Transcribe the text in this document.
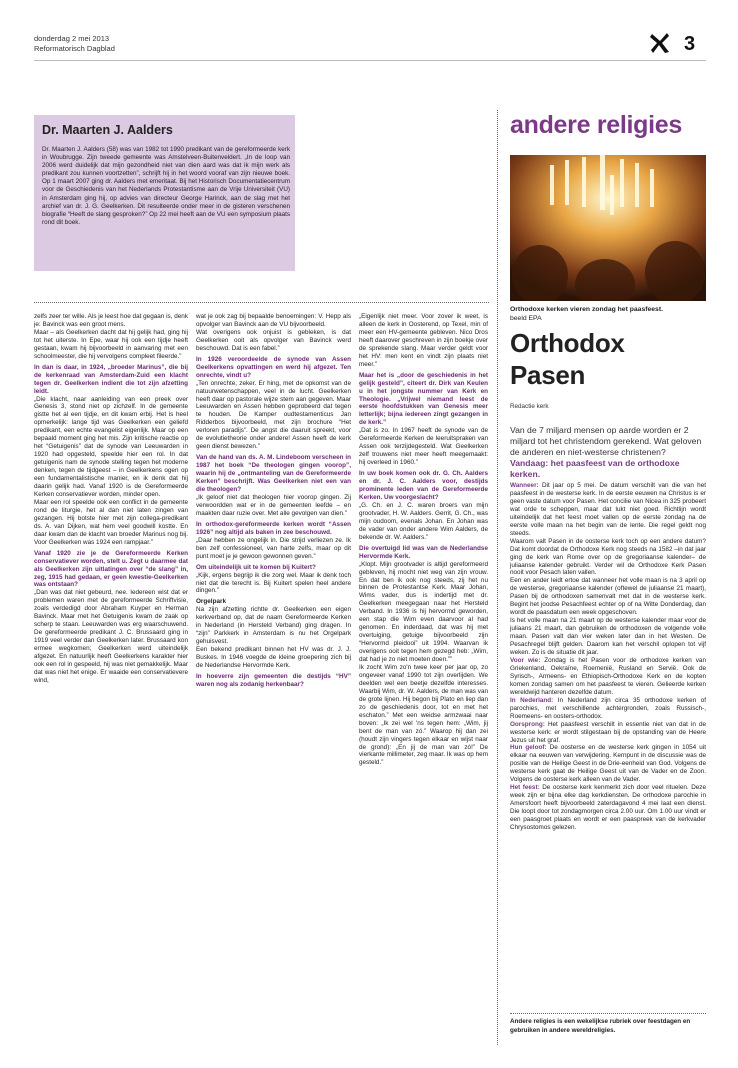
donderdag 2 mei 2013
Reformatorisch Dagblad	3
Dr. Maarten J. Aalders

Dr. Maarten J. Aalders (58) was van 1982 tot 1990 predikant van de gereformeerde kerk in Woubrugge. Zijn tweede gemeente was Amstelveen-Buitenveldert. „In de loop van 2006 werd duidelijk dat mijn gezondheid niet van dien aard was dat ik mijn werk als predikant zou kunnen voortzetten”, schrijft hij in het woord vooraf van zijn nieuwe boek. Op 1 maart 2007 ging dr. Aalders met emeritaat. Bij het Historisch Documentatiecentrum voor de Geschiedenis van het Nederlands Protestantisme aan de Vrije Universiteit (VU) in Amsterdam ging hij, op advies van directeur George Harinck, aan de slag met het archief van dr. J. G. Geelkerken. Dit resulteerde onder meer in de gisteren verschenen biografie “Heeft de slang gesproken?” Op 22 mei heeft aan de VU een symposium plaats rond dit boek.

zelfs zeer ter wille. Als je leest hoe dat gegaan is, denk je: Bavinck was een groot mens.

Maar – als Geelkerken dacht dat hij gelijk had, ging hij tot het uiterste. In Epe, waar hij ook een tijdje heeft gestaan, kwam hij bijvoorbeeld in aanvaring met een schoolmeester, die hij vervolgens compleet fileerde.”

In dan is daar, in 1924, „broeder Marinus”, die bij de kerkenraad van Amsterdam-Zuid een klacht tegen dr. Geelkerken indient die tot zijn afzetting leidt.

„Die klacht, naar aanleiding van een preek over Genesis 3, stond niet op zichzelf. In de gemeente gistte het al een tijdje, en dit kwam erbij. Het is heel opmerkelijk: lange tijd was Geelkerken een geliefd predikant, een echte evangelist eigenlijk. Maar op een bepaald moment ging het mis. Zijn kritische reactie op het “Getuigenis” dat de synode van Leeuwarden in 1920 had opgesteld, speelde hier een rol. In dat getuigenis nam de synode stelling tegen het moderne denken, tegen de tijdgeest – in Geelkerkens ogen op een fundamentalistische manier, en ik denk dat hij daarin gelijk had. Vanaf 1920 is de Gereformeerde Kerken conservatiever worden, minder open.

Maar een rol speelde ook een conflict in de gemeente rond de liturgie, het al dan niet laten zingen van gezangen. Hij botste hier met zijn collega-predikant ds. A. van Dijken, wat hem veel goodwill kostte. En daar kwam dan de klacht van broeder Marinus nog bij. Voor Geelkerken was 1924 een rampjaar.”

Vanaf 1920 zie je de Gereformeerde Kerken conservatiever worden, stelt u. Zegt u daarmee dat als Geelkerken zijn uitlatingen over “de slang” in, zeg, 1915 had gedaan, er geen kwestie-Geelkerken was ontstaan?

„Dan was dat niet gebeurd, nee. Iedereen wist dat er problemen waren met de gereformeerde Schriftvisie, zoals verdedigd door Abraham Kuyper en Herman Bavinck. Maar met het Getuigenis kwam de zaak op scherp te staan. Leeuwarden was erg waarschuwend. De gereformeerde predikant J. C. Brussaard ging in 1919 veel verder dan Geelkerken later. Brussaard kon ermee wegkomen; Geelkerken werd uiteindelijk afgezet. En natuurlijk heeft Geelkerkens karakter hier ook een rol in gespeeld, hij was niet gemakkelijk. Maar dat was niet het enige. Er waaide een conservatievere wind,

wat je ook zag bij bepaalde benoemingen: V. Hepp als opvolger van Bavinck aan de VU bijvoorbeeld.

Wat overigens ook onjuist is gebleken, is dat Geelkerken ooit als opvolger van Bavinck werd beschouwd. Dat is een fabel.”

In 1926 veroordeelde de synode van Assen Geelkerkens opvattingen en werd hij afgezet. Ten onrechte, vindt u?

„Ten onrechte, zeker. Er hing, met de opkomst van de natuurwetenschappen, veel in de lucht. Geelkerken heeft daar op pastorale wijze stem aan gegeven. Maar Leeuwarden en Assen hebben geprobeerd dat tegen te houden. De Kamper oudtestamenticus Jan Ridderbos bijvoorbeeld, met zijn brochure “Het verloren paradijs”. De angst die daaruit spreekt, voor de evolutietheorie onder andere! Assen heeft de kerk geen dienst bewezen.”

Van de hand van ds. A. M. Lindeboom verscheen in 1987 het boek “De theologen gingen voorop”, waarin hij de „ontmanteling van de Gereformeerde Kerken” beschrijft. Was Geelkerken niet een van die theologen?

„Ik geloof niet dat theologen hier voorop gingen. Zij verwoordden wat er in de gemeenten leefde – en maakten daar ruzie over. Met alle gevolgen van dien.”

In orthodox-gereformeerde kerken wordt “Assen 1926” nog altijd als baken in zee beschouwd.

„Daar hebben ze ongelijk in. Die strijd verliezen ze. Ik ben zelf confessioneel, van harte zelfs, maar op dit punt moet je je gewoon gewonnen geven.”

Om uiteindelijk uit te komen bij Kuitert?

„Kijk, ergens begrijp ik die zorg wel. Maar ik denk toch niet dat die terecht is. Bij Kuitert spelen heel andere dingen.”

Orgelpark

Na zijn afzetting richtte dr. Geelkerken een eigen kerkverband op, dat de naam Gereformeerde Kerken in Nederland (in Hersteld Verband) ging dragen. In “zijn” Parkkerk in Amsterdam is nu het Orgelpark gehuisvest.

Een bekend predikant binnen het HV was dr. J. J. Buskes. In 1946 voegde de kleine groepering zich bij de Nederlandse Hervormde Kerk.

In hoeverre zijn gemeenten die destijds “HV” waren nog als zodanig herkenbaar?

„Eigenlijk niet meer. Voor zover ik weet, is alleen de kerk in Oosterend, op Texel, min of meer een HV-gemeente gebleven. Nico Dros heeft daarover geschreven in zijn boekje over de sprekende slang. Maar verder geldt voor het HV: men kent en vindt zijn plaats niet meer.”

Maar het is „door de geschiedenis in het gelijk gesteld”, citeert dr. Dirk van Keulen u in het jongste nummer van Kerk en Theologie. „Vrijwel niemand leest de eerste hoofdstukken van Genesis meer letterlijk; bijna iedereen zingt gezangen in de kerk.”

„Dat is zo. In 1967 heeft de synode van de Gereformeerde Kerken de leeruitspraken van Assen ook terzijdegesteld. Wat Geelkerken zelf trouwens niet meer heeft meegemaakt: hij overleed in 1960.”

In uw boek komen ook dr. G. Ch. Aalders en dr. J. C. Aalders voor, destijds prominente leden van de Gereformeerde Kerken. Uw voorgeslacht?

„G. Ch. en J. C. waren broers van mijn grootvader, H. W. Aalders. Gerrit, G. Ch., was mijn oudoom, evenals Johan. En Johan was de vader van onder andere Wim Aalders, de bekende dr. W. Aalders.”

Die overtuigd lid was van de Nederlandse Hervormde Kerk.

„Klopt. Mijn grootvader is altijd gereformeerd gebleven, hij mocht niet weg van zijn vrouw. En dat ben ik ook nog steeds, zij het nu binnen de Protestantse Kerk. Maar Johan, Wims vader, dus is indertijd met dr. Geelkerken meegegaan naar het Hersteld Verband. In 1936 is hij hervormd geworden, een stap die Wim even daarvoor al had genomen. En inderdaad, dat was hij met overtuiging, getuige bijvoorbeeld zijn “Hervormd pleidooi” uit 1994. Waarvan ik overigens ooit tegen hem gezegd heb: „Wim, dat had je zo niet moeten doen.””

Ik zocht Wim zo'n twee keer per jaar op, zo ongeveer vanaf 1990 tot zijn overlijden. We deelden wel een beetje dezelfde interesses. Waarbij Wim, dr. W. Aalders, de man was van de grote lijnen. Hij begon bij Plato en liep dan zo de geschiedenis door, tot en met het eschaton.” Met een weidse armzwaai naar boven: „Ik zei wel 'ns tegen hem: „Wim, jij bent de man van zó.” Waarop hij dan zei (houdt zijn vingers tegen elkaar en wijst naar de grond): „En jij de man van zó!” De vierkante millimeter, zeg maar. Ik was op hem gesteld.”

andere religies
Orthodoxe kerken vieren zondag het paasfeest.
beeld EPA
Orthodox Pasen
Redactie kerk
Van de 7 miljard mensen op aarde worden er 2 miljard tot het christendom gerekend. Wat geloven de anderen en niet-westerse christenen? Vandaag: het paasfeest van de orthodoxe kerken.

Wanneer: Dit jaar op 5 mei. De datum verschilt van die van het paasfeest in de westerse kerk. In de eerste eeuwen na Christus is er geen vaste datum voor Pasen. Het concilie van Nicea in 325 probeert wat orde te scheppen, maar dat lukt niet goed. Richtlijn wordt uiteindelijk dat het feest moet vallen op de eerste zondag na de eerste volle maan na het begin van de lente. Die regel geldt nog steeds.

Waarom valt Pasen in de oosterse kerk toch op een andere datum? Dat komt doordat de Orthodoxe Kerk nog steeds na 1582 –in dat jaar ging de kerk van Rome over op de gregoriaanse kalender– de juliaanse kalender gebruikt. Verder wil de Orthodoxe Kerk Pasen nooit voor Pesach laten vallen.

Een en ander leidt ertoe dat wanneer het volle maan is na 3 april op de westerse, gregoriaanse kalender (oftewel de juliaanse 21 maart), Pasen bij de orthodoxen samenvalt met dat in de westerse kerk. Begint het joodse Pesachfeest echter op of na Witte Donderdag, dan wordt de paasdatum een week opgeschoven.

Is het volle maan na 21 maart op de westerse kalender maar voor de juliaans 21 maart, dan gebruiken de orthodoxen de volgende volle maan. Pasen valt dan vier weken later dan in het Westen. De Pesachregel blijft gelden. Daarom kan het verschil oplopen tot vijf weken. Zo is de situatie dit jaar.

Voor wie: Zondag is het Pasen voor de orthodoxe kerken van Griekenland, Oekraïne, Roemenië, Rusland en Servië. Ook de Syrisch-, Armeens- en Ethiopisch-Orthodoxe Kerk en de kopten komen zondag samen om het paasfeest te vieren. Gelieerde kerken wereldwijd hanteren dezelfde datum.

In Nederland: In Nederland zijn circa 35 orthodoxe kerken of parochies, met verschillende achtergronden, zoals Russisch-, Roemeens- en oosters-orthodox.

Oorsprong: Het paasfeest verschilt in essentie niet van dat in de westerse kerk: er wordt stilgestaan bij de opstanding van de Heere Jezus uit het graf.

Hun geloof: De oosterse en de westerse kerk gingen in 1054 uit elkaar na eeuwen van verwijdering. Kernpunt in de discussie was de positie van de Heilige Geest in de Drie-eenheid van God. Volgens de westerse kerk gaat de Heilige Geest uit van de Vader en de Zoon. Volgens de oosterse kerk alleen van de Vader.

Het feest: De oosterse kerk kenmerkt zich door veel rituelen. Deze week zijn er bijna elke dag kerkdiensten. De orthodoxe parochie in Amersfoort heeft bijvoorbeeld zaterdagavond 4 mei laat een dienst. Die loopt door tot zondagmorgen circa 2.00 uur. Om 1.00 uur vindt er een paasgroet plaats en wordt er een paaspreek van de kerkvader Chrysostomos gelezen.

Andere religies is een wekelijkse rubriek over feestdagen en gebruiken in andere wereldreligies.
